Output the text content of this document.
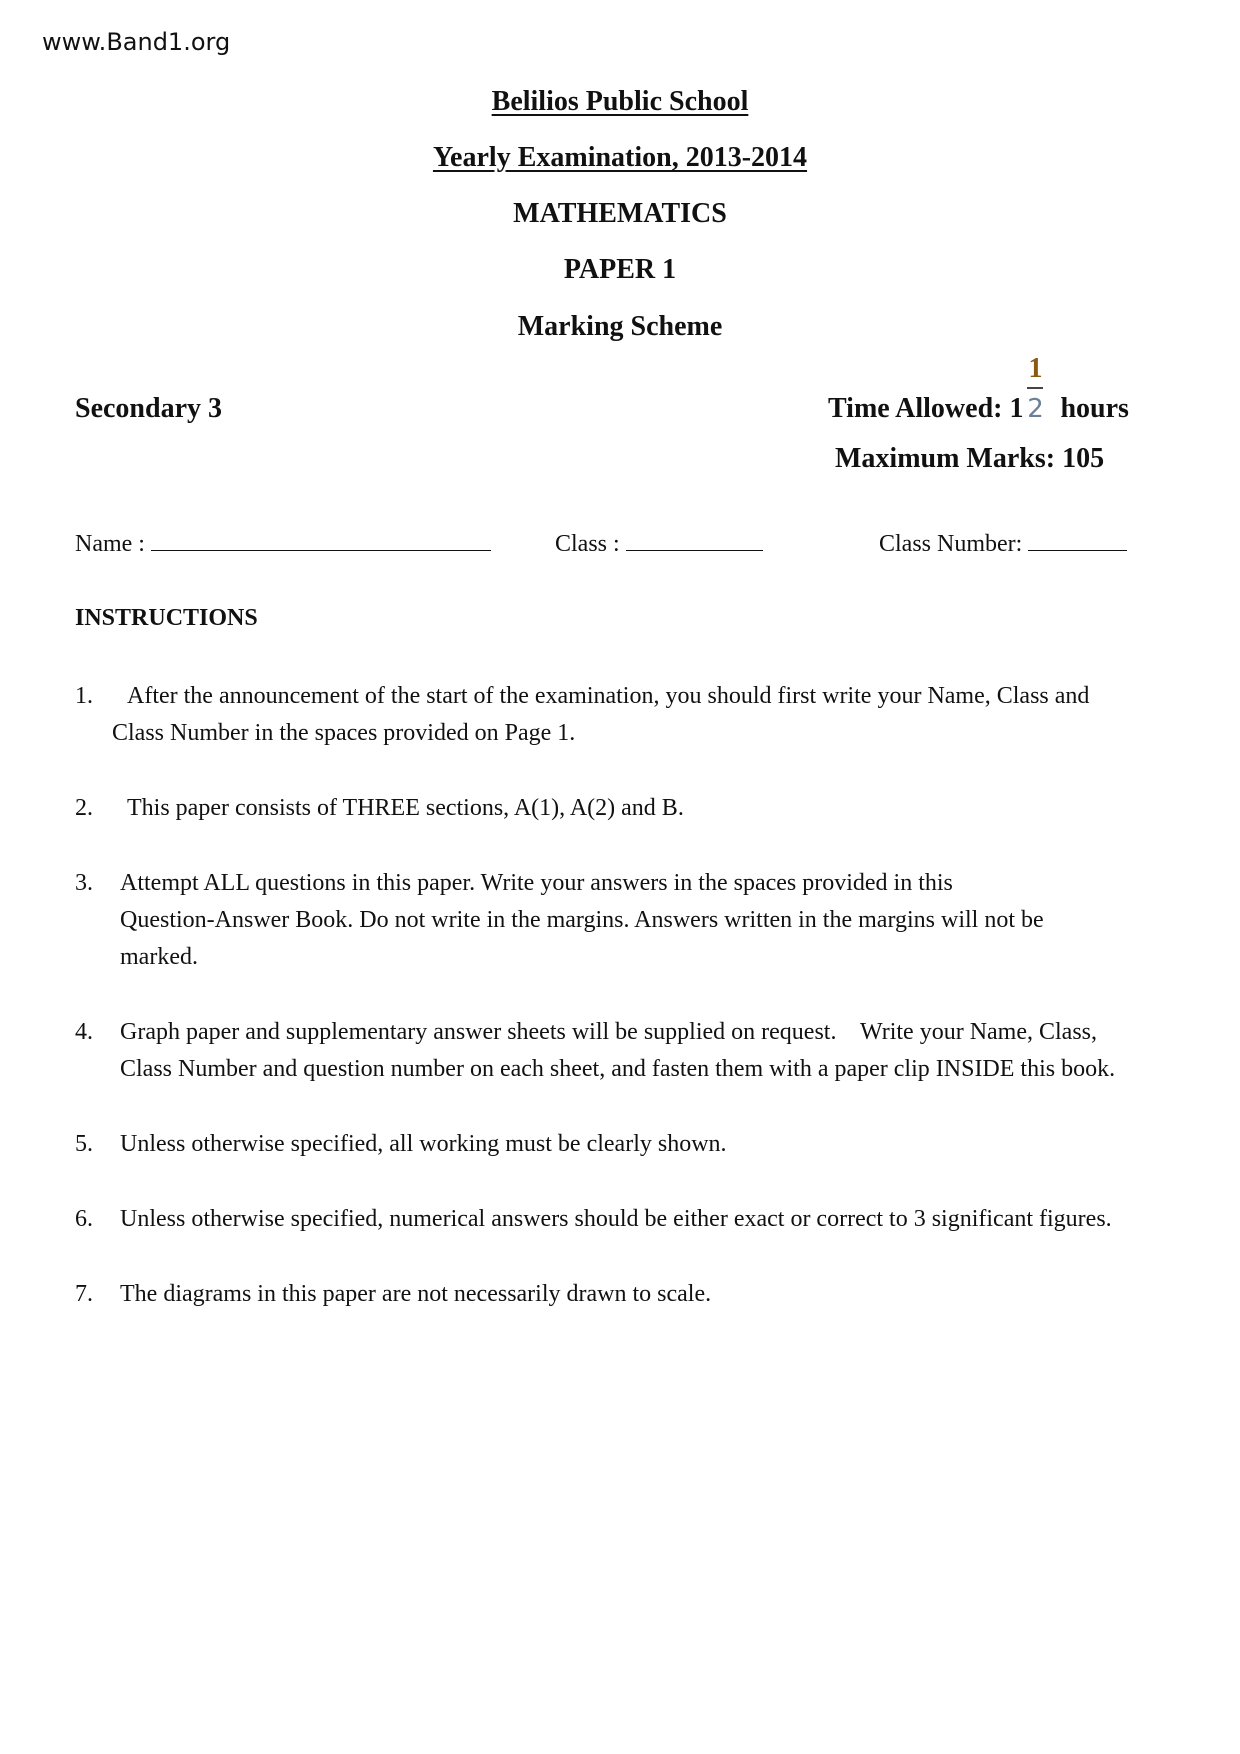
www.Band1.org
Belilios Public School
Yearly Examination, 2013-2014
MATHEMATICS
PAPER 1
Marking Scheme
Secondary 3	Time Allowed: $1 \frac{1}{2}$ hours
Maximum Marks: 105
Name :	Class :	Class Number:
INSTRUCTIONS
1. After the announcement of the start of the examination, you should first write your Name, Class and
Class Number in the spaces provided on Page 1.
2. This paper consists of THREE sections, A(1), A(2) and B.
3. Attempt ALL questions in this paper. Write your answers in the spaces provided in this
Question-Answer Book. Do not write in the margins. Answers written in the margins will not be
marked.
4. Graph paper and supplementary answer sheets will be supplied on request.    Write your Name, Class,
Class Number and question number on each sheet, and fasten them with a paper clip INSIDE this book.
5. Unless otherwise specified, all working must be clearly shown.
6. Unless otherwise specified, numerical answers should be either exact or correct to 3 significant figures.
7. The diagrams in this paper are not necessarily drawn to scale.
